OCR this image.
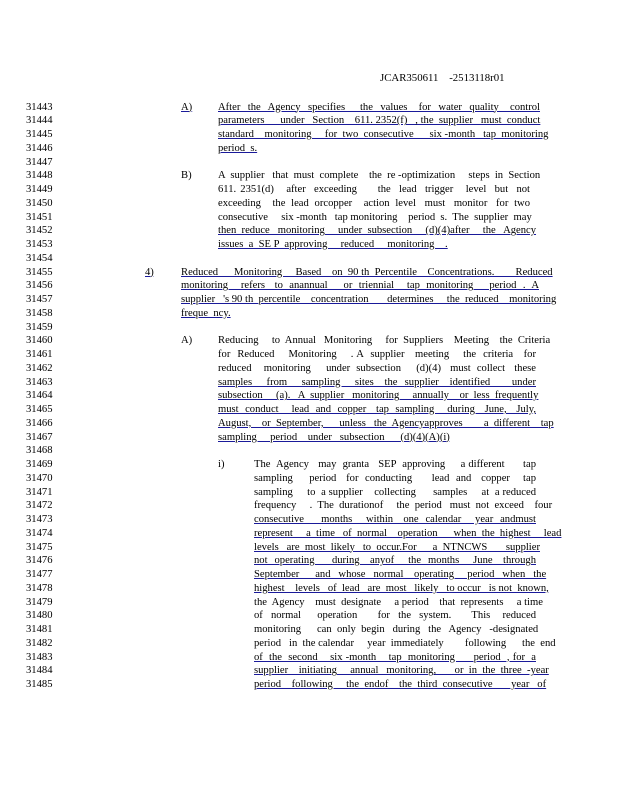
JCAR350611    -2513118r01
31443
31444
31445
31446
31447
31448
31449
31450
31451
31452
31453
31454
31455
31456
31457
31458
31459
31460
31461
31462
31463
31464
31465
31466
31467
31468
31469
31470
31471
31472
31473
31474
31475
31476
31477
31478
31479
31480
31481
31482
31483
31484
31485
A) After  the  Agency  specifies    the  values   for  water  quality   control
parameters      under   Section    611. 2352(f)   , the  supplier   must  conduct
standard    monitoring     for  two  consecutive      six -month   tap  monitoring
period  s.
B) A  supplier   that  must  complete    the  re -optimization     steps  in  Section
611. 2351(d)   after  exceeding     the  lead  trigger   level  but  not
exceeding    the  lead  orcopper    action  level   must   monitor   for  two
consecutive     six -month   tap monitoring    period  s.  The  supplier  may
then  reduce   monitoring     under  subsection     (d)(4)after     the   Agency
issues  a  SE P  approving     reduced     monitoring    .
4)	Reduced      Monitoring     Based    on  90 th  Percentile    Concentrations.        Reduced
monitoring    refers   to  anannual     or  triennial    tap  monitoring     period  .  A
supplier   's 90 th  percentile    concentration       determines     the  reduced    monitoring
freque  ncy.
A) Reducing     to  Annual   Monitoring     for  Suppliers    Meeting    the  Criteria
for  Reduced    Monitoring    . A  supplier   meeting    the  criteria   for
reduced    monitoring     under  subsection     (d)(4)   must  collect   these
samples    from    sampling    sites   the  supplier   identified      under
subsection     (a).   A  supplier   monitoring     annually    or  less  frequently
must  conduct    lead  and  copper   tap  sampling    during   June,   July,
August,    or  September,      unless   the  Agencyapproves        a  different    tap
sampling     period    under   subsection      (d)(4)(A)(i)
i)	The  Agency   may  granta   SEP  approving     a different      tap
sampling     period   for  conducting      lead  and   copper    tap
sampling     to  a supplier    collecting      samples     at  a reduced
frequency     .  The  durationof     the  period   must  not  exceed    four
consecutive     months    within   one  calendar    year  andmust
represent     a  time   of  normal    operation      when  the  highest     lead
levels   are  most  likely   to  occur.For      a  NTNCWS       supplier
not  operating     during   anyof    the  months    June   through
September      and   whose   normal    operating     period   when   the
highest    levels   of  lead   are  most   likely   to occur   is not  known,
the  Agency    must  designate     a period    that  represents     a time
of  normal    operation     for  the  system.     This   reduced
monitoring      can  only  begin   during   the   Agency   -designated
period   in  the calendar     year  immediately        following      the  end
of  the  second    six -month    tap  monitoring      period  , for  a
supplier    initiating     annual   monitoring,       or  in  the  three  -year
period    following     the  endof    the  third  consecutive       year   of
